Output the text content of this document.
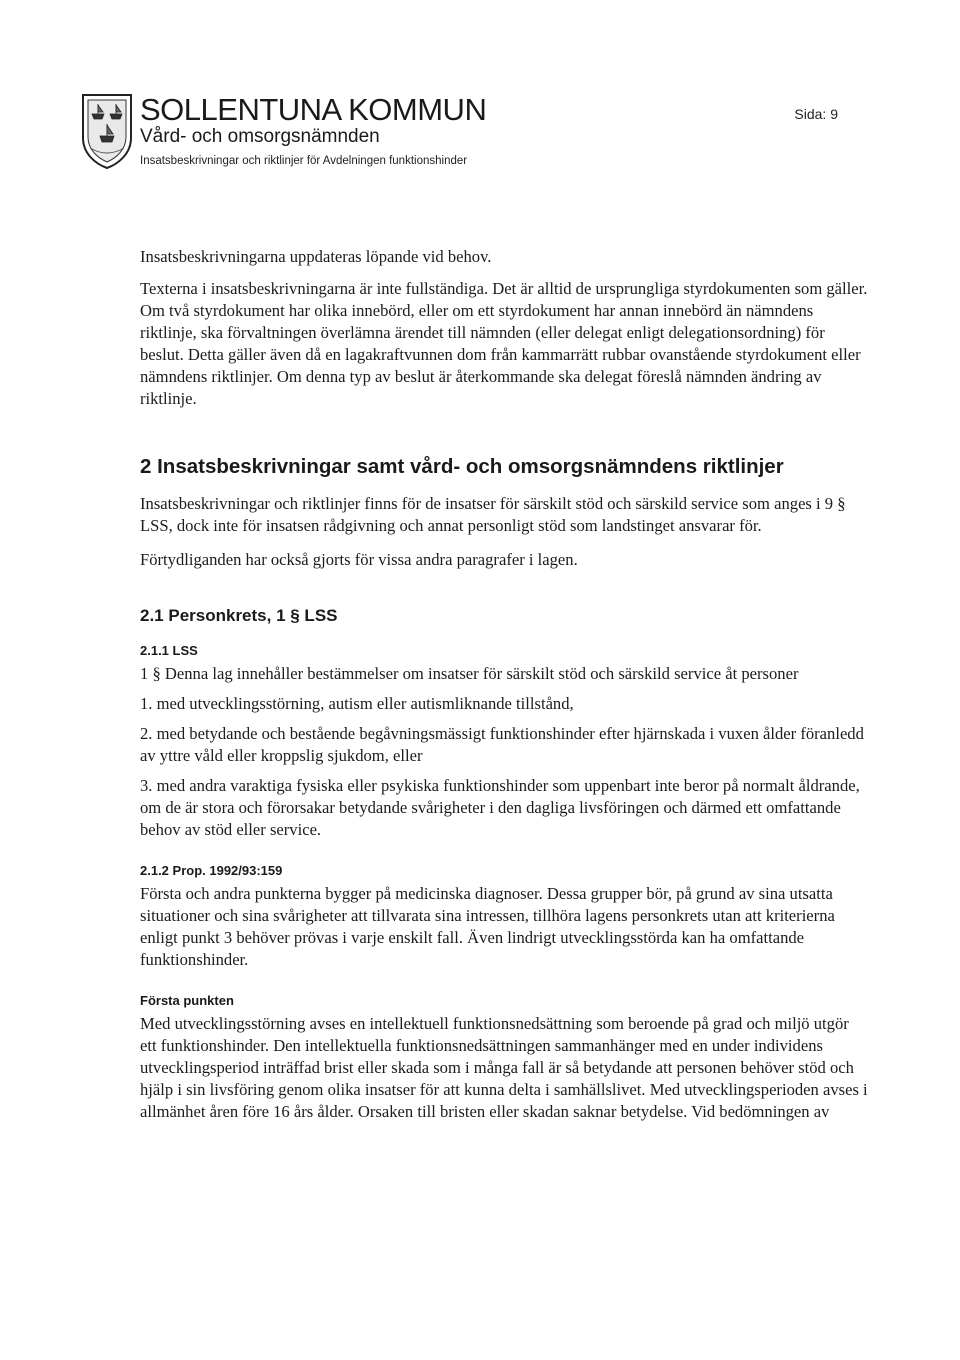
SOLLENTUNA KOMMUN
Vård- och omsorgsnämnden
Insatsbeskrivningar och riktlinjer för Avdelningen funktionshinder
Sida: 9

Insatsbeskrivningarna uppdateras löpande vid behov.

Texterna i insatsbeskrivningarna är inte fullständiga. Det är alltid de ursprungliga styrdokumenten som gäller.

Om två styrdokument har olika innebörd, eller om ett styrdokument har annan innebörd än nämndens riktlinje, ska förvaltningen överlämna ärendet till nämnden (eller delegat enligt delegationsordning) för beslut. Detta gäller även då en lagakraftvunnen dom från kammarrätt rubbar ovanstående styrdokument eller nämndens riktlinjer. Om denna typ av beslut är återkommande ska delegat föreslå nämnden ändring av riktlinje.

2 Insatsbeskrivningar samt vård- och omsorgsnämndens riktlinjer

Insatsbeskrivningar och riktlinjer finns för de insatser för särskilt stöd och särskild service som anges i 9 § LSS, dock inte för insatsen rådgivning och annat personligt stöd som landstinget ansvarar för.

Förtydliganden har också gjorts för vissa andra paragrafer i lagen.

2.1 Personkrets, 1 § LSS
2.1.1 LSS

1 § Denna lag innehåller bestämmelser om insatser för särskilt stöd och särskild service åt personer

1. med utvecklingsstörning, autism eller autismliknande tillstånd,

2. med betydande och bestående begåvningsmässigt funktionshinder efter hjärnskada i vuxen ålder föranledd av yttre våld eller kroppslig sjukdom, eller

3. med andra varaktiga fysiska eller psykiska funktionshinder som uppenbart inte beror på normalt åldrande, om de är stora och förorsakar betydande svårigheter i den dagliga livsföringen och därmed ett omfattande behov av stöd eller service.

2.1.2 Prop. 1992/93:159

Första och andra punkterna bygger på medicinska diagnoser. Dessa grupper bör, på grund av sina utsatta situationer och sina svårigheter att tillvarata sina intressen, tillhöra lagens personkrets utan att kriterierna enligt punkt 3 behöver prövas i varje enskilt fall. Även lindrigt utvecklingsstörda kan ha omfattande funktionshinder.

Första punkten

Med utvecklingsstörning avses en intellektuell funktionsnedsättning som beroende på grad och miljö utgör ett funktionshinder. Den intellektuella funktionsnedsättningen sammanhänger med en under individens utvecklingsperiod inträffad brist eller skada som i många fall är så betydande att personen behöver stöd och hjälp i sin livsföring genom olika insatser för att kunna delta i samhällslivet. Med utvecklingsperioden avses i allmänhet åren före 16 års ålder. Orsaken till bristen eller skadan saknar betydelse. Vid bedömningen av
